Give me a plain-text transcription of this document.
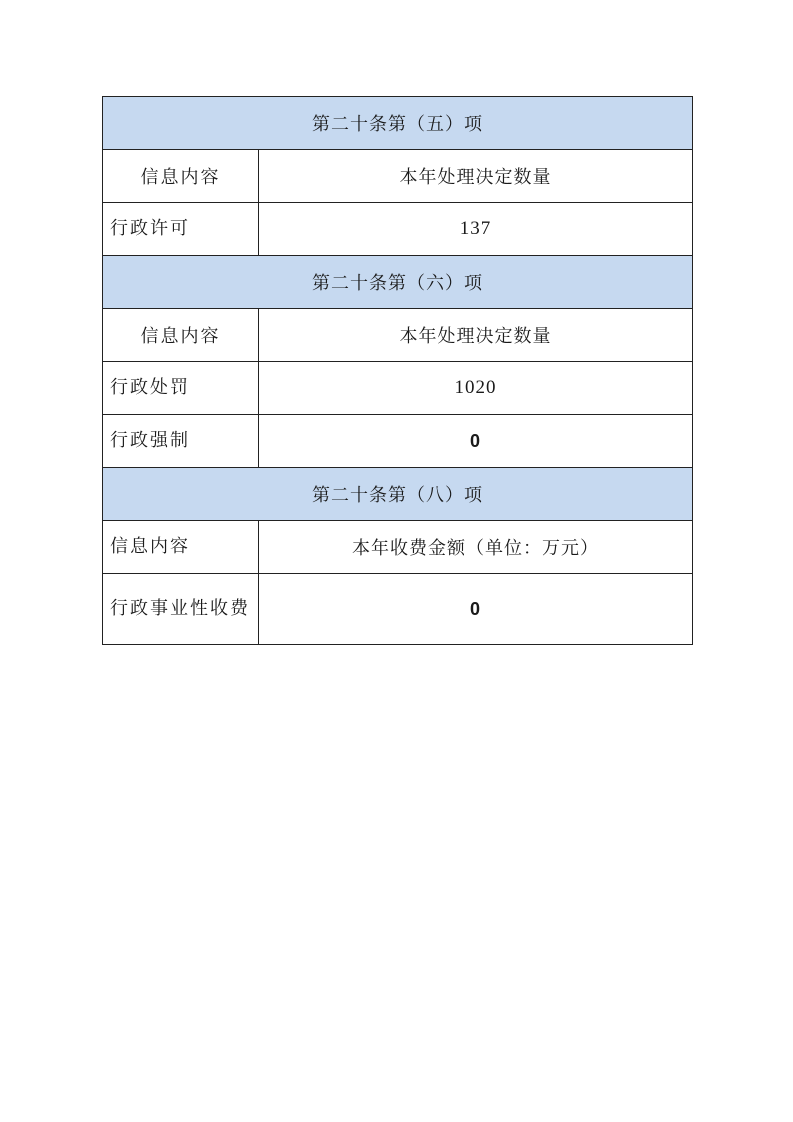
第二十条第（五）项	
信息内容	本年处理决定数量
行政许可	137
第二十条第（六）项	
信息内容	本年处理决定数量
行政处罚	1020
行政强制	0
第二十条第（八）项	
信息内容	本年收费金额（单位：万元）
行政事业性收费	0
